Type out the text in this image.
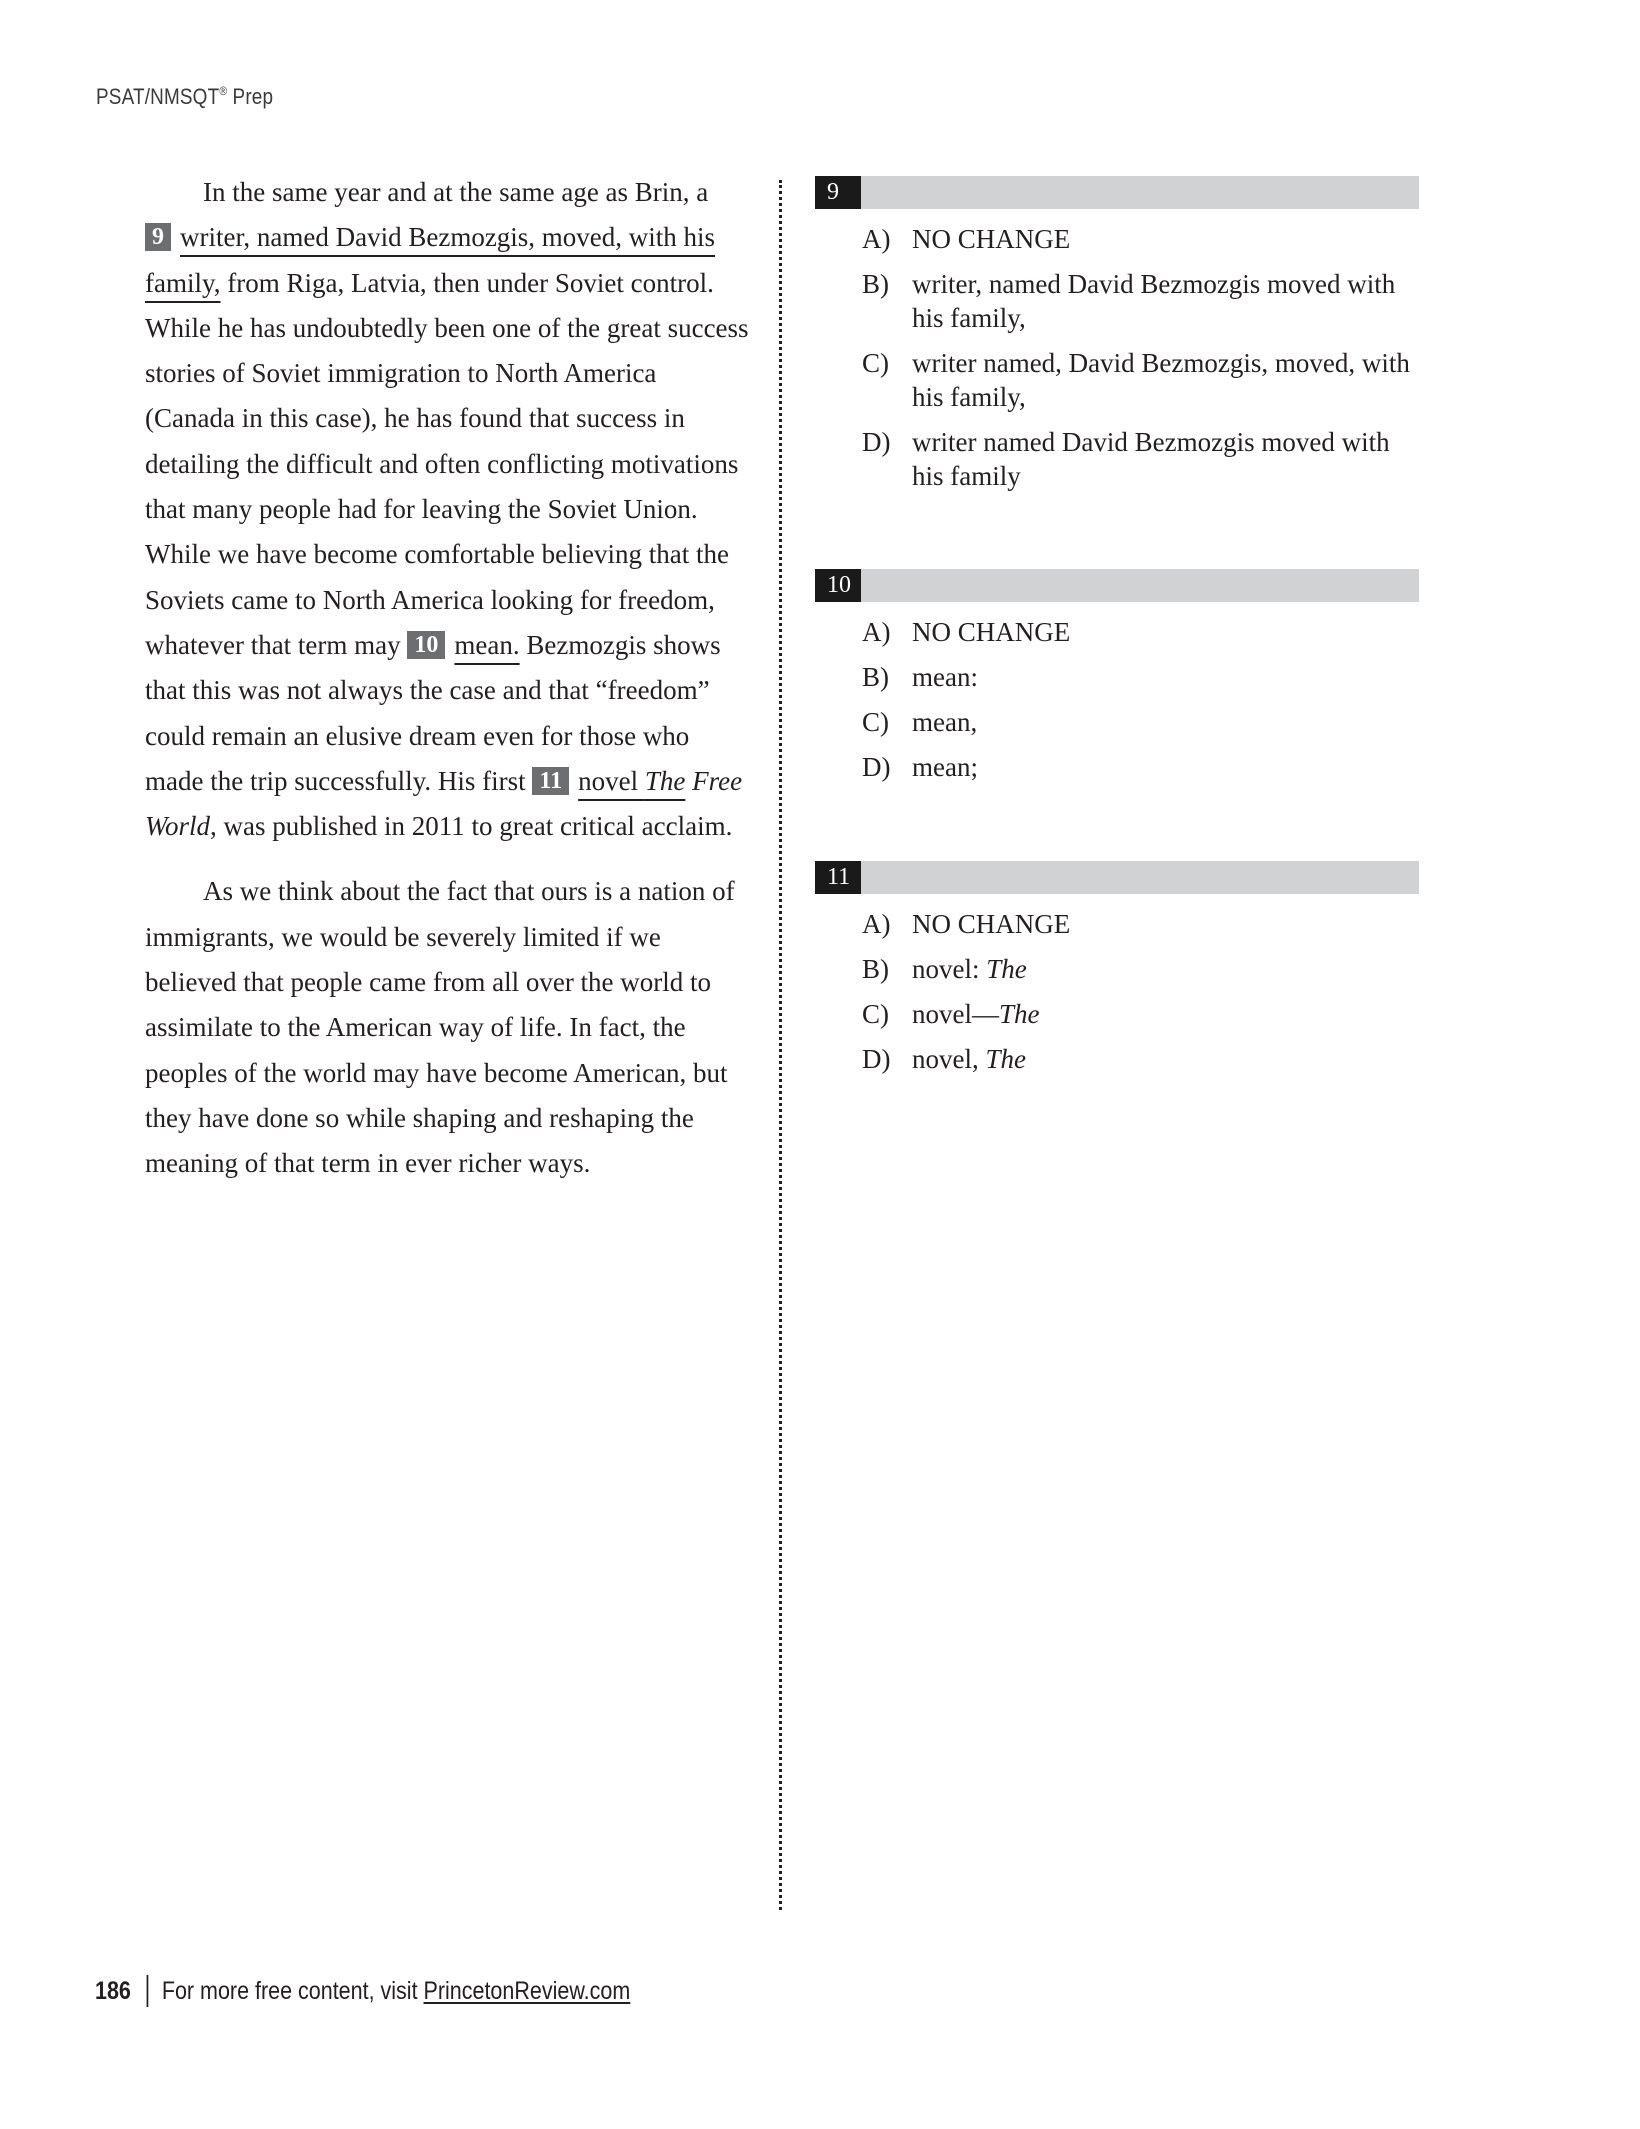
PSAT/NMSQT® Prep

In the same year and at the same age as Brin, a
9 writer, named David Bezmozgis, moved, with his family, from Riga, Latvia, then under Soviet control. While he has undoubtedly been one of the great success stories of Soviet immigration to North America (Canada in this case), he has found that success in detailing the difficult and often conflicting motivations that many people had for leaving the Soviet Union. While we have become comfortable believing that the Soviets came to North America looking for freedom, whatever that term may 10 mean. Bezmozgis shows that this was not always the case and that “freedom” could remain an elusive dream even for those who made the trip successfully. His first 11 novel The Free World, was published in 2011 to great critical acclaim.

As we think about the fact that ours is a nation of immigrants, we would be severely limited if we believed that people came from all over the world to assimilate to the American way of life. In fact, the peoples of the world may have become American, but they have done so while shaping and reshaping the meaning of that term in ever richer ways.

9
A) NO CHANGE
B) writer, named David Bezmozgis moved with his family,
C) writer named, David Bezmozgis, moved, with his family,
D) writer named David Bezmozgis moved with his family
10
A) NO CHANGE
B) mean:
C) mean,
D) mean;
11
A) NO CHANGE
B) novel: The
C) novel—The
D) novel, The
186 For more free content, visit PrincetonReview.com
